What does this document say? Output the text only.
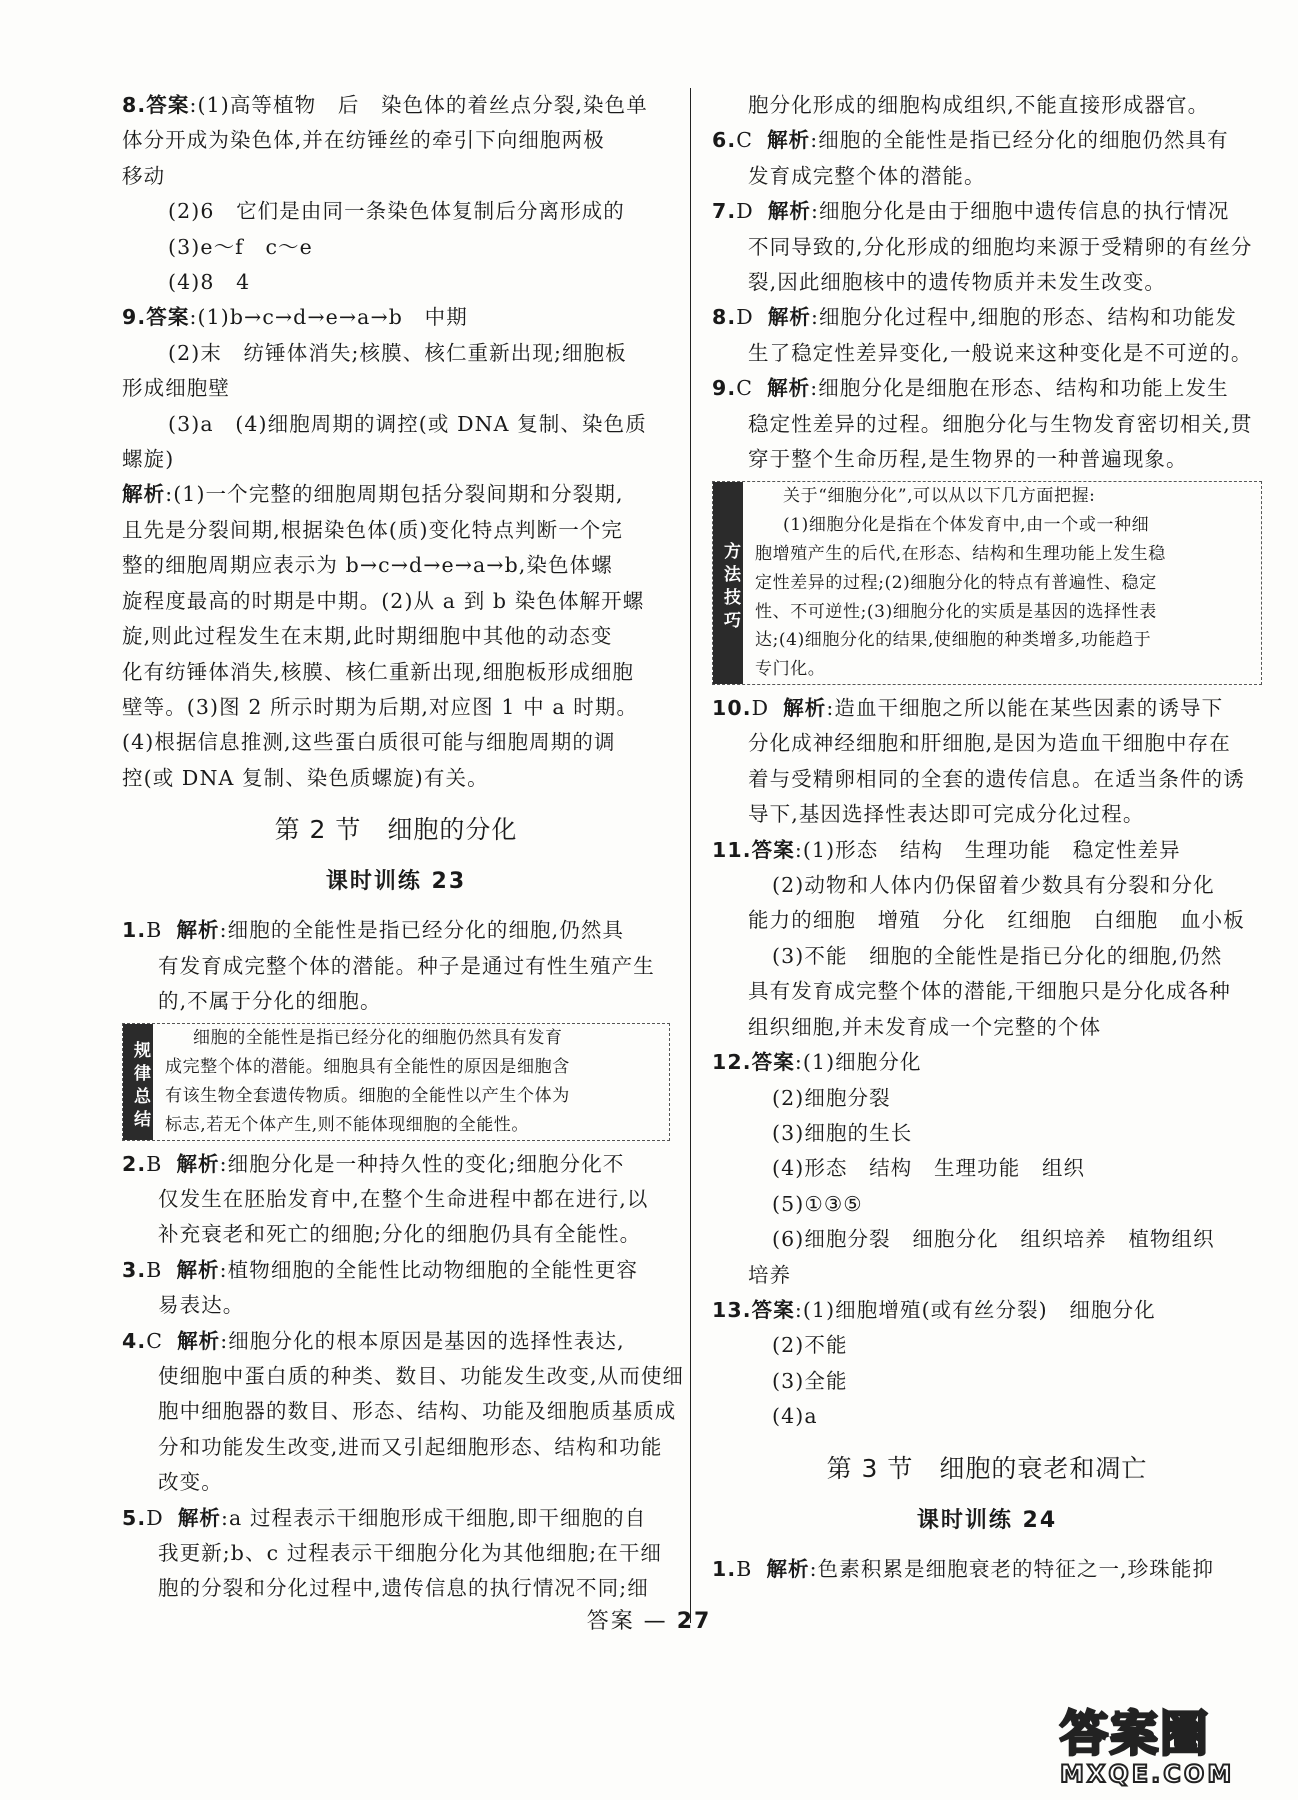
8.答案:(1)高等植物　后　染色体的着丝点分裂,染色单
体分开成为染色体,并在纺锤丝的牵引下向细胞两极
移动
(2)6　它们是由同一条染色体复制后分离形成的
(3)e～f　c～e
(4)8　4
9.答案:(1)b→c→d→e→a→b　中期
(2)末　纺锤体消失;核膜、核仁重新出现;细胞板
形成细胞壁
(3)a　(4)细胞周期的调控(或 DNA 复制、染色质
螺旋)
解析:(1)一个完整的细胞周期包括分裂间期和分裂期,
且先是分裂间期,根据染色体(质)变化特点判断一个完
整的细胞周期应表示为 b→c→d→e→a→b,染色体螺
旋程度最高的时期是中期。(2)从 a 到 b 染色体解开螺
旋,则此过程发生在末期,此时期细胞中其他的动态变
化有纺锤体消失,核膜、核仁重新出现,细胞板形成细胞
壁等。(3)图 2 所示时期为后期,对应图 1 中 a 时期。
(4)根据信息推测,这些蛋白质很可能与细胞周期的调
控(或 DNA 复制、染色质螺旋)有关。
第 2 节　细胞的分化
课时训练 23
1.B 解析:细胞的全能性是指已经分化的细胞,仍然具
有发育成完整个体的潜能。种子是通过有性生殖产生
的,不属于分化的细胞。
规律总结
细胞的全能性是指已经分化的细胞仍然具有发育
成完整个体的潜能。细胞具有全能性的原因是细胞含
有该生物全套遗传物质。细胞的全能性以产生个体为
标志,若无个体产生,则不能体现细胞的全能性。
2.B 解析:细胞分化是一种持久性的变化;细胞分化不
仅发生在胚胎发育中,在整个生命进程中都在进行,以
补充衰老和死亡的细胞;分化的细胞仍具有全能性。
3.B 解析:植物细胞的全能性比动物细胞的全能性更容
易表达。
4.C 解析:细胞分化的根本原因是基因的选择性表达,
使细胞中蛋白质的种类、数目、功能发生改变,从而使细
胞中细胞器的数目、形态、结构、功能及细胞质基质成
分和功能发生改变,进而又引起细胞形态、结构和功能
改变。
5.D 解析:a 过程表示干细胞形成干细胞,即干细胞的自
我更新;b、c 过程表示干细胞分化为其他细胞;在干细
胞的分裂和分化过程中,遗传信息的执行情况不同;细
胞分化形成的细胞构成组织,不能直接形成器官。
6.C 解析:细胞的全能性是指已经分化的细胞仍然具有
发育成完整个体的潜能。
7.D 解析:细胞分化是由于细胞中遗传信息的执行情况
不同导致的,分化形成的细胞均来源于受精卵的有丝分
裂,因此细胞核中的遗传物质并未发生改变。
8.D 解析:细胞分化过程中,细胞的形态、结构和功能发
生了稳定性差异变化,一般说来这种变化是不可逆的。
9.C 解析:细胞分化是细胞在形态、结构和功能上发生
稳定性差异的过程。细胞分化与生物发育密切相关,贯
穿于整个生命历程,是生物界的一种普遍现象。
方法技巧
关于“细胞分化”,可以从以下几方面把握:
(1)细胞分化是指在个体发育中,由一个或一种细
胞增殖产生的后代,在形态、结构和生理功能上发生稳
定性差异的过程;(2)细胞分化的特点有普遍性、稳定
性、不可逆性;(3)细胞分化的实质是基因的选择性表
达;(4)细胞分化的结果,使细胞的种类增多,功能趋于
专门化。
10.D 解析:造血干细胞之所以能在某些因素的诱导下
分化成神经细胞和肝细胞,是因为造血干细胞中存在
着与受精卵相同的全套的遗传信息。在适当条件的诱
导下,基因选择性表达即可完成分化过程。
11.答案:(1)形态　结构　生理功能　稳定性差异
(2)动物和人体内仍保留着少数具有分裂和分化
能力的细胞　增殖　分化　红细胞　白细胞　血小板
(3)不能　细胞的全能性是指已分化的细胞,仍然
具有发育成完整个体的潜能,干细胞只是分化成各种
组织细胞,并未发育成一个完整的个体
12.答案:(1)细胞分化
(2)细胞分裂
(3)细胞的生长
(4)形态　结构　生理功能　组织
(5)①③⑤
(6)细胞分裂　细胞分化　组织培养　植物组织
培养
13.答案:(1)细胞增殖(或有丝分裂)　细胞分化
(2)不能
(3)全能
(4)a
第 3 节　细胞的衰老和凋亡
课时训练 24
1.B 解析:色素积累是细胞衰老的特征之一,珍珠能抑
答案 — 27
答案圈
MXQE.COM
